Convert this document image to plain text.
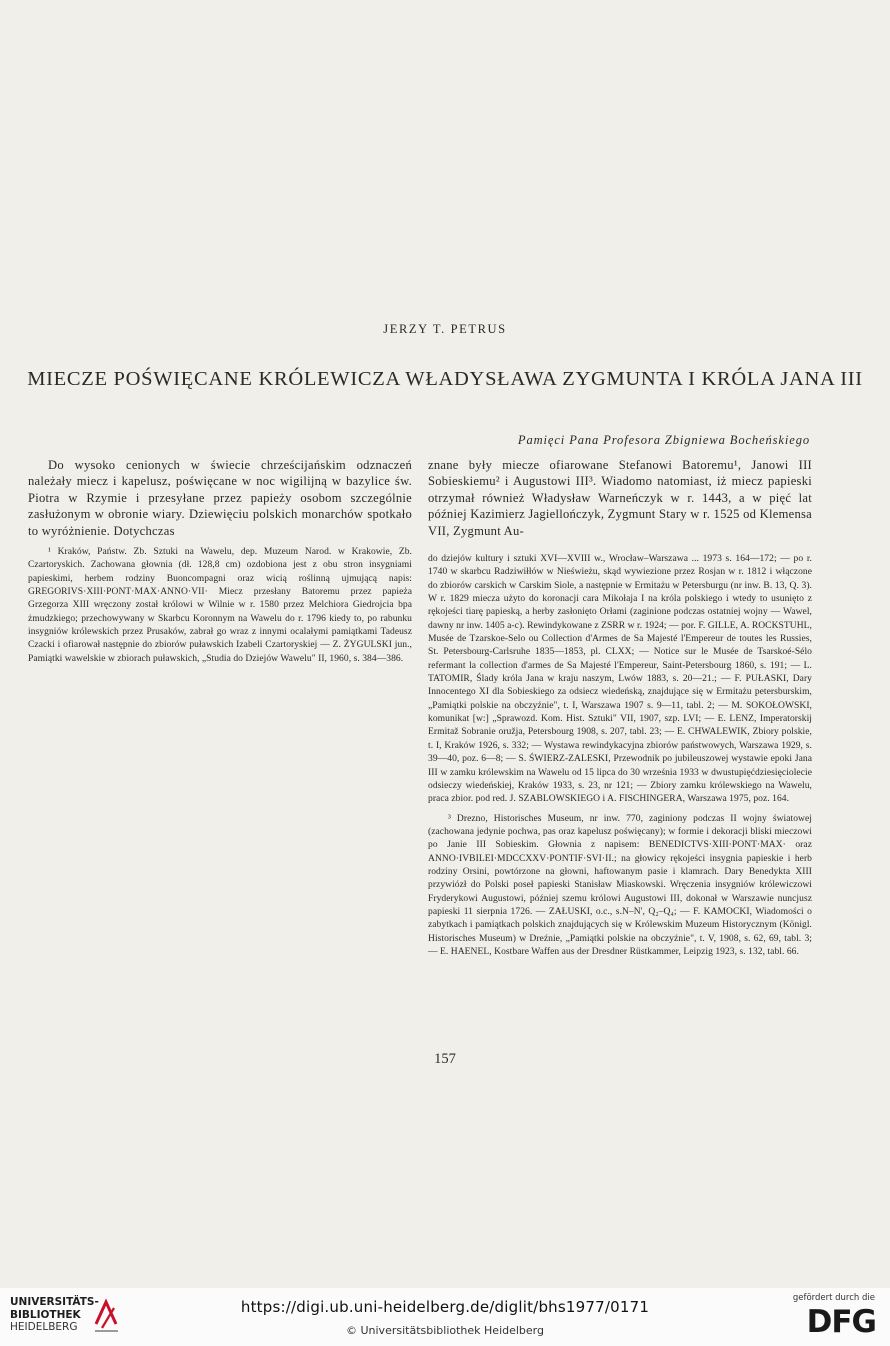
JERZY T. PETRUS
MIECZE POŚWIĘCANE KRÓLEWICZA WŁADYSŁAWA ZYGMUNTA I KRÓLA JANA III
Pamięci Pana Profesora Zbigniewa Bocheńskiego
Do wysoko cenionych w świecie chrześcijańskim odznaczeń należały miecz i kapelusz, poświęcane w noc wigilijną w bazylice św. Piotra w Rzymie i przesyłane przez papieży osobom szczególnie zasłużonym w obronie wiary. Dziewięciu polskich monarchów spotkało to wyróżnienie. Dotychczas
znane były miecze ofiarowane Stefanowi Batoremu¹, Janowi III Sobieskiemu² i Augustowi III³. Wiadomo natomiast, iż miecz papieski otrzymał również Władysław Warneńczyk w r. 1443, a w pięć lat później Kazimierz Jagiellończyk, Zygmunt Stary w r. 1525 od Klemensa VII, Zygmunt Au-

¹ Kraków, Państw. Zb. Sztuki na Wawelu, dep. Muzeum Narod. w Krakowie, Zb. Czartoryskich. Zachowana głownia (dł. 128,8 cm) ozdobiona jest z obu stron insygniami papieskimi, herbem rodziny Buoncompagni oraz wicią roślinną ujmującą napis: GREGORIVS·XIII·PONT·MAX·ANNO·VII· Miecz przesłany Batoremu przez papieża Grzegorza XIII wręczony został królowi w Wilnie w r. 1580 przez Melchiora Giedrojcia bpa żmudzkiego; przechowywany w Skarbcu Koronnym na Wawelu do r. 1796 kiedy to, po rabunku insygniów królewskich przez Prusaków, zabrał go wraz z innymi ocalałymi pamiątkami Tadeusz Czacki i ofiarował następnie do zbiorów puławskich Izabeli Czartoryskiej — Z. ŻYGULSKI jun., Pamiątki wawelskie w zbiorach puławskich, „Studia do Dziejów Wawelu" II, 1960, s. 384—386.

do dziejów kultury i sztuki XVI—XVIII w., Wrocław–Warszawa ... 1973 s. 164—172; — po r. 1740 w skarbcu Radziwiłłów w Nieświeżu, skąd wywiezione przez Rosjan w r. 1812 i włączone do zbiorów carskich w Carskim Siole, a następnie w Ermitażu w Petersburgu (nr inw. B. 13, Q. 3). W r. 1829 miecza użyto do koronacji cara Mikołaja I na króla polskiego i wtedy to usunięto z rękojeści tiarę papieską, a herby zasłonięto Orłami (zaginione podczas ostatniej wojny — Wawel, dawny nr inw. 1405 a-c). Rewindykowane z ZSRR w r. 1924; — por. F. GILLE, A. ROCKSTUHL, Musée de Tzarskoe-Selo ou Collection d'Armes de Sa Majesté l'Empereur de toutes les Russies, St. Petersbourg-Carlsruhe 1835—1853, pl. CLXX; — Notice sur le Musée de Tsarskoé-Sélo refermant la collection d'armes de Sa Majesté l'Empereur, Saint-Petersbourg 1860, s. 191; — L. TATOMIR, Ślady króla Jana w kraju naszym, Lwów 1883, s. 20—21.; — F. PUŁASKI, Dary Innocentego XI dla Sobieskiego za odsiecz wiedeńską, znajdujące się w Ermitażu petersburskim, „Pamiątki polskie na obczyźnie", t. I, Warszawa 1907 s. 9—11, tabl. 2; — M. SOKOŁOWSKI, komunikat [w:] „Sprawozd. Kom. Hist. Sztuki" VII, 1907, szp. LVI; — E. LENZ, Imperatorskij Ermitaž Sobranie oružja, Petersbourg 1908, s. 207, tabl. 23; — E. CHWALEWIK, Zbiory polskie, t. I, Kraków 1926, s. 332; — Wystawa rewindykacyjna zbiorów państwowych, Warszawa 1929, s. 39—40, poz. 6—8; — S. ŚWIERZ-ZALESKI, Przewodnik po jubileuszowej wystawie epoki Jana III w zamku królewskim na Wawelu od 15 lipca do 30 września 1933 w dwustupięćdziesięciolecie odsieczy wiedeńskiej, Kraków 1933, s. 23, nr 121; — Zbiory zamku królewskiego na Wawelu, praca zbior. pod red. J. SZABLOWSKIEGO i A. FISCHINGERA, Warszawa 1975, poz. 164.

³ Drezno, Historisches Museum, nr inw. 770, zaginiony podczas II wojny światowej (zachowana jedynie pochwa, pas oraz kapelusz poświęcany); w formie i dekoracji bliski mieczowi po Janie III Sobieskim. Głownia z napisem: BENEDICTVS·XIII·PONT·MAX· oraz ANNO·IVBILEI·MDCCXXV·PONTIF·SVI·II.; na głowicy rękojeści insygnia papieskie i herb rodziny Orsini, powtórzone na głowni, haftowanym pasie i klamrach. Dary Benedykta XIII przywiózł do Polski poseł papieski Stanisław Miaskowski. Wręczenia insygniów królewiczowi Fryderykowi Augustowi, później szemu królowi Augustowi III, dokonał w Warszawie nuncjusz papieski 11 sierpnia 1726. — ZAŁUSKI, o.c., s.N–N', Q₂–Q₄; — F. KAMOCKI, Wiadomości o zabytkach i pamiątkach polskich znajdujących się w Królewskim Muzeum Historycznym (Königl. Historisches Museum) w Dreźnie, „Pamiątki polskie na obczyźnie", t. V, 1908, s. 62, 69, tabl. 3; — E. HAENEL, Kostbare Waffen aus der Dresdner Rüstkammer, Leipzig 1923, s. 132, tabl. 66.

157
UNIVERSITÄTS-
BIBLIOTHEK
HEIDELBERG
https://digi.ub.uni-heidelberg.de/diglit/bhs1977/0171
© Universitätsbibliothek Heidelberg
gefördert durch die
DFG
